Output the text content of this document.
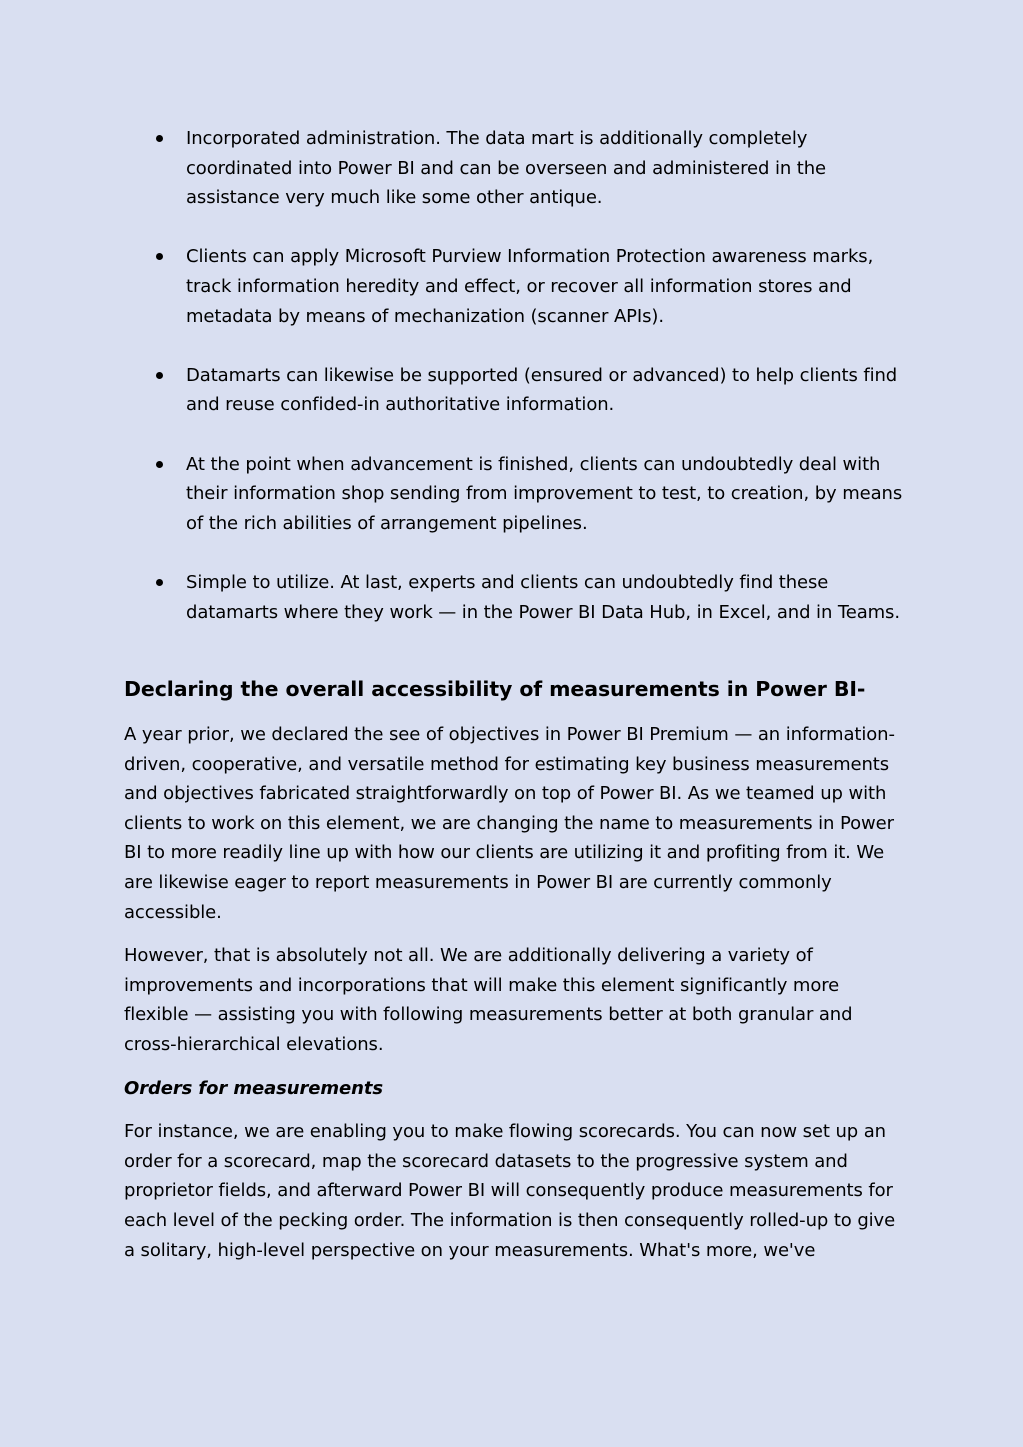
Incorporated administration. The data mart is additionally completely coordinated into Power BI and can be overseen and administered in the assistance very much like some other antique.
Clients can apply Microsoft Purview Information Protection awareness marks, track information heredity and effect, or recover all information stores and metadata by means of mechanization (scanner APIs).
Datamarts can likewise be supported (ensured or advanced) to help clients find and reuse confided-in authoritative information.
At the point when advancement is finished, clients can undoubtedly deal with their information shop sending from improvement to test, to creation, by means of the rich abilities of arrangement pipelines.
Simple to utilize. At last, experts and clients can undoubtedly find these datamarts where they work — in the Power BI Data Hub, in Excel, and in Teams.
Declaring the overall accessibility of measurements in Power BI-

A year prior, we declared the see of objectives in Power BI Premium — an information-driven, cooperative, and versatile method for estimating key business measurements and objectives fabricated straightforwardly on top of Power BI. As we teamed up with clients to work on this element, we are changing the name to measurements in Power BI to more readily line up with how our clients are utilizing it and profiting from it. We are likewise eager to report measurements in Power BI are currently commonly accessible.

However, that is absolutely not all. We are additionally delivering a variety of improvements and incorporations that will make this element significantly more flexible — assisting you with following measurements better at both granular and cross-hierarchical elevations.

Orders for measurements

For instance, we are enabling you to make flowing scorecards. You can now set up an order for a scorecard, map the scorecard datasets to the progressive system and proprietor fields, and afterward Power BI will consequently produce measurements for each level of the pecking order. The information is then consequently rolled-up to give a solitary, high-level perspective on your measurements. What's more, we've
